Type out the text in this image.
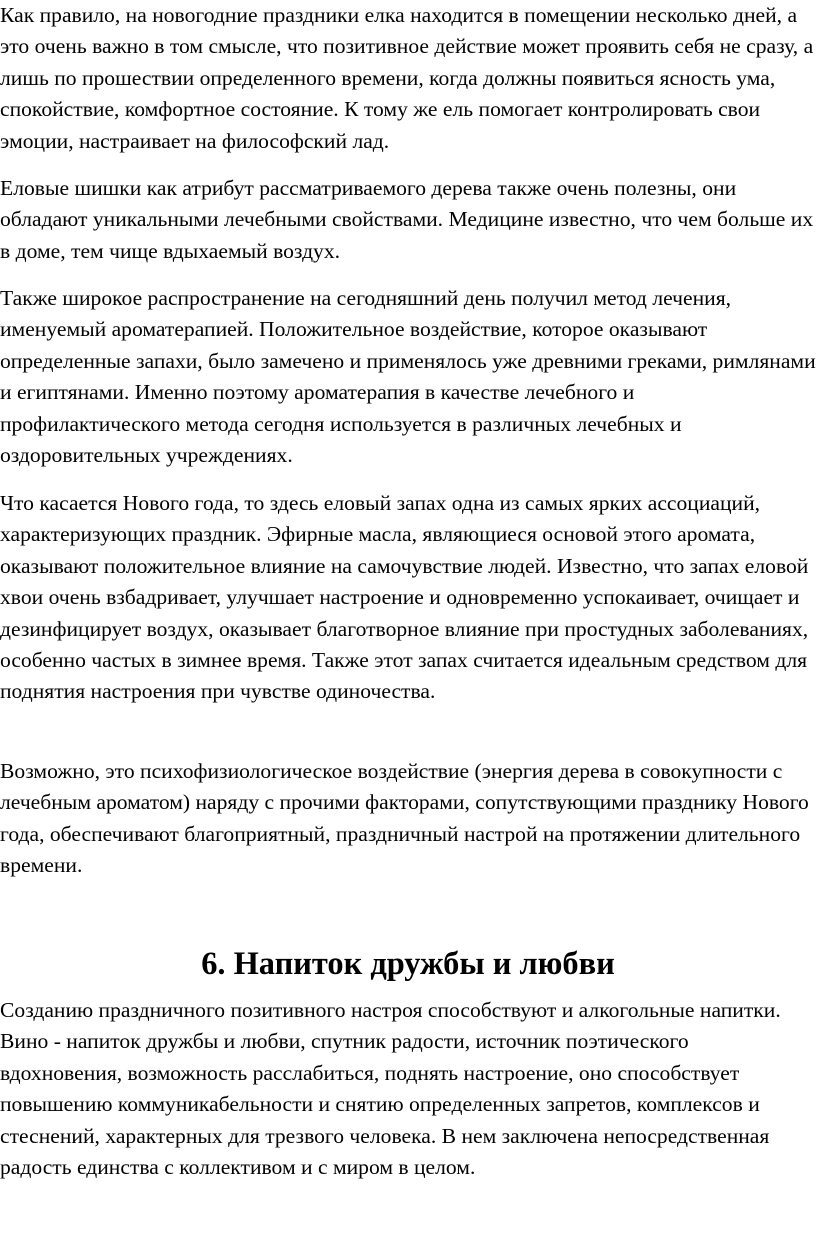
Как правило, на новогодние праздники елка находится в помещении несколько дней, а это очень важно в том смысле, что позитивное действие может проявить себя не сразу, а лишь по прошествии определенного времени, когда должны появиться ясность ума, спокойствие, комфортное состояние. К тому же ель помогает контролировать свои эмоции, настраивает на философский лад.

Еловые шишки как атрибут рассматриваемого дерева также очень полезны, они обладают уникальными лечебными свойствами. Медицине известно, что чем больше их в доме, тем чище вдыхаемый воздух.

Также широкое распространение на сегодняшний день получил метод лечения, именуемый ароматерапией. Положительное воздействие, которое оказывают определенные запахи, было замечено и применялось уже древними греками, римлянами и египтянами. Именно поэтому ароматерапия в качестве лечебного и профилактического метода сегодня используется в различных лечебных и оздоровительных учреждениях.

Что касается Нового года, то здесь еловый запах одна из самых ярких ассоциаций, характеризующих праздник. Эфирные масла, являющиеся основой этого аромата, оказывают положительное влияние на самочувствие людей. Известно, что запах еловой хвои очень взбадривает, улучшает настроение и одновременно успокаивает, очищает и дезинфицирует воздух, оказывает благотворное влияние при простудных заболеваниях, особенно частых в зимнее время. Также этот запах считается идеальным средством для поднятия настроения при чувстве одиночества.

Возможно, это психофизиологическое воздействие (энергия дерева в совокупности с лечебным ароматом) наряду с прочими факторами, сопутствующими празднику Нового года, обеспечивают благоприятный, праздничный настрой на протяжении длительного времени.

6. Напиток дружбы и любви

Созданию праздничного позитивного настроя способствуют и алкогольные напитки. Вино - напиток дружбы и любви, спутник радости, источник поэтического вдохновения, возможность расслабиться, поднять настроение, оно способствует повышению коммуникабельности и снятию определенных запретов, комплексов и стеснений, характерных для трезвого человека. В нем заключена непосредственная радость единства с коллективом и с миром в целом.
